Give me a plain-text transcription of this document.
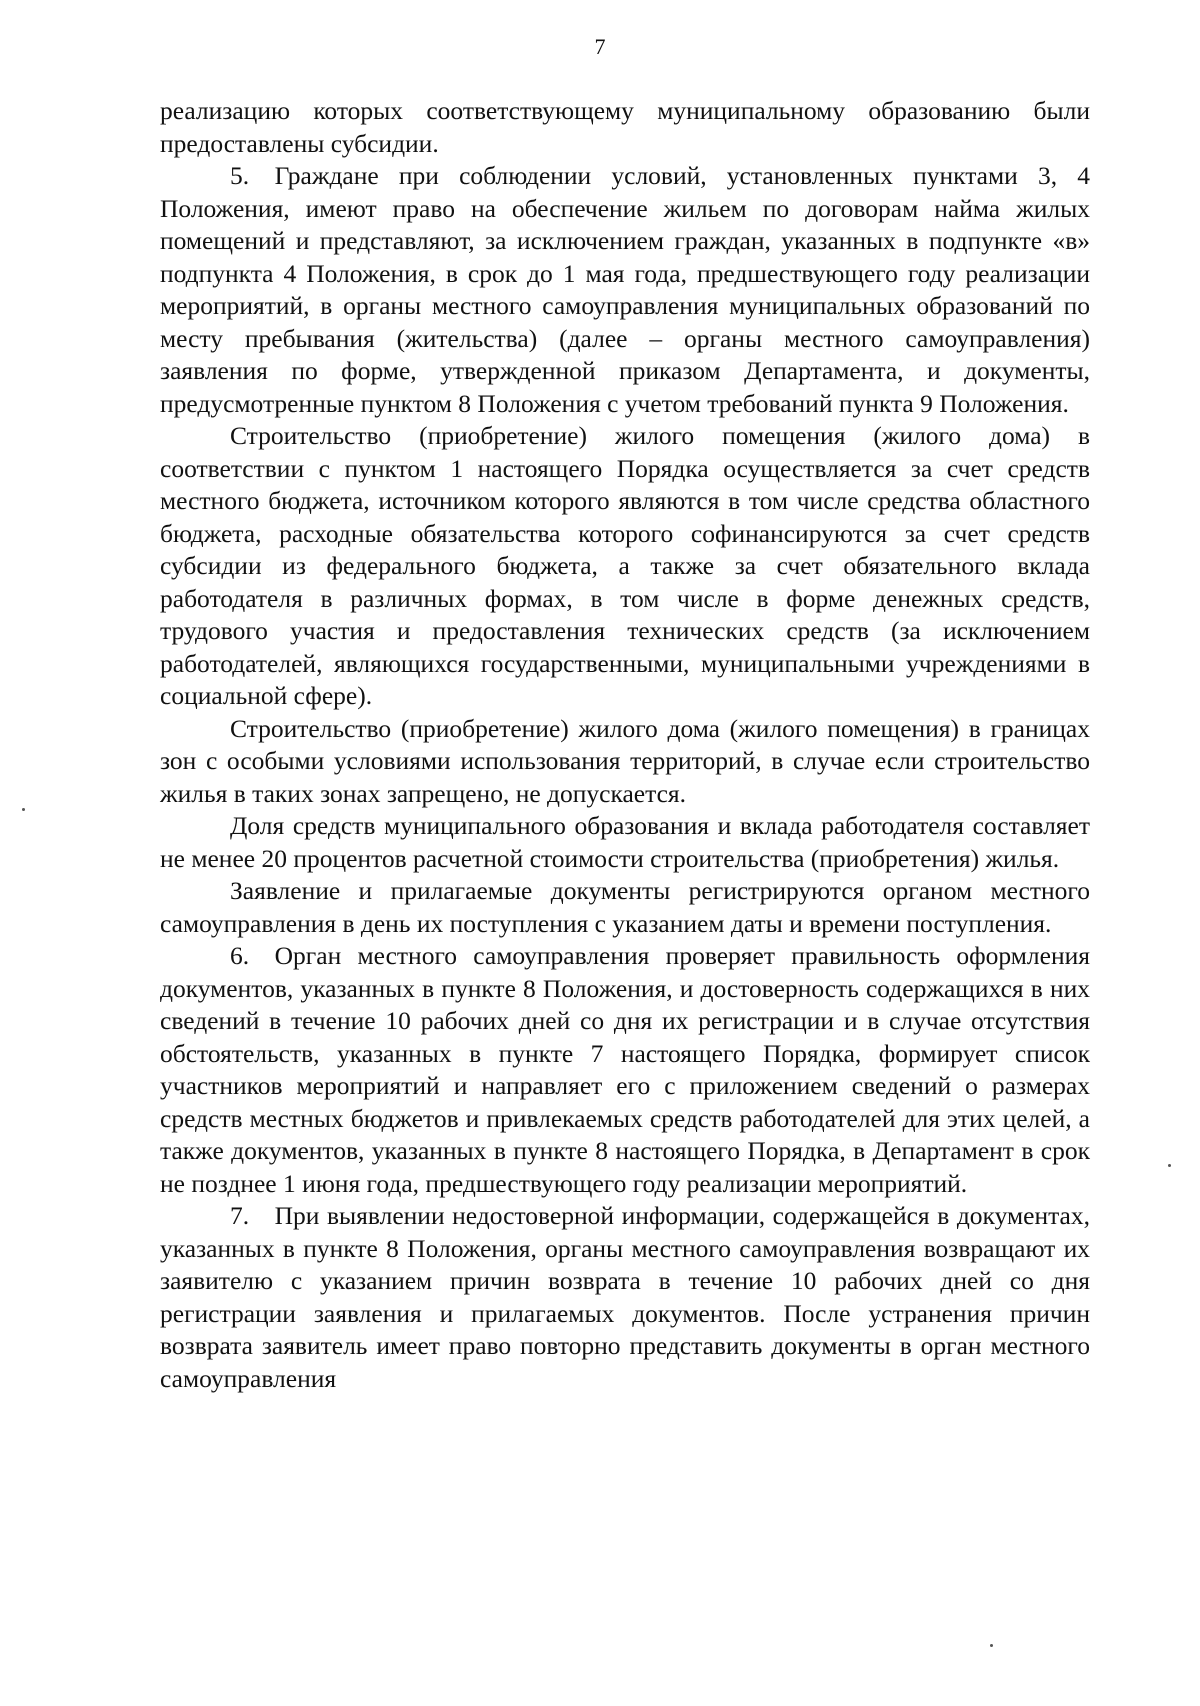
7

реализацию которых соответствующему муниципальному образованию были предоставлены субсидии.

5. Граждане при соблюдении условий, установленных пунктами 3, 4 Положения, имеют право на обеспечение жильем по договорам найма жилых помещений и представляют, за исключением граждан, указанных в подпункте «в» подпункта 4 Положения, в срок до 1 мая года, предшествующего году реализации мероприятий, в органы местного самоуправления муниципальных образований по месту пребывания (жительства) (далее – органы местного самоуправления) заявления по форме, утвержденной приказом Департамента, и документы, предусмотренные пунктом 8 Положения с учетом требований пункта 9 Положения.

Строительство (приобретение) жилого помещения (жилого дома) в соответствии с пунктом 1 настоящего Порядка осуществляется за счет средств местного бюджета, источником которого являются в том числе средства областного бюджета, расходные обязательства которого софинансируются за счет средств субсидии из федерального бюджета, а также за счет обязательного вклада работодателя в различных формах, в том числе в форме денежных средств, трудового участия и предоставления технических средств (за исключением работодателей, являющихся государственными, муниципальными учреждениями в социальной сфере).

Строительство (приобретение) жилого дома (жилого помещения) в границах зон с особыми условиями использования территорий, в случае если строительство жилья в таких зонах запрещено, не допускается.

Доля средств муниципального образования и вклада работодателя составляет не менее 20 процентов расчетной стоимости строительства (приобретения) жилья.

Заявление и прилагаемые документы регистрируются органом местного самоуправления в день их поступления с указанием даты и времени поступления.

6. Орган местного самоуправления проверяет правильность оформления документов, указанных в пункте 8 Положения, и достоверность содержащихся в них сведений в течение 10 рабочих дней со дня их регистрации и в случае отсутствия обстоятельств, указанных в пункте 7 настоящего Порядка, формирует список участников мероприятий и направляет его с приложением сведений о размерах средств местных бюджетов и привлекаемых средств работодателей для этих целей, а также документов, указанных в пункте 8 настоящего Порядка, в Департамент в срок не позднее 1 июня года, предшествующего году реализации мероприятий.

7. При выявлении недостоверной информации, содержащейся в документах, указанных в пункте 8 Положения, органы местного самоуправления возвращают их заявителю с указанием причин возврата в течение 10 рабочих дней со дня регистрации заявления и прилагаемых документов. После устранения причин возврата заявитель имеет право повторно представить документы в орган местного самоуправления
